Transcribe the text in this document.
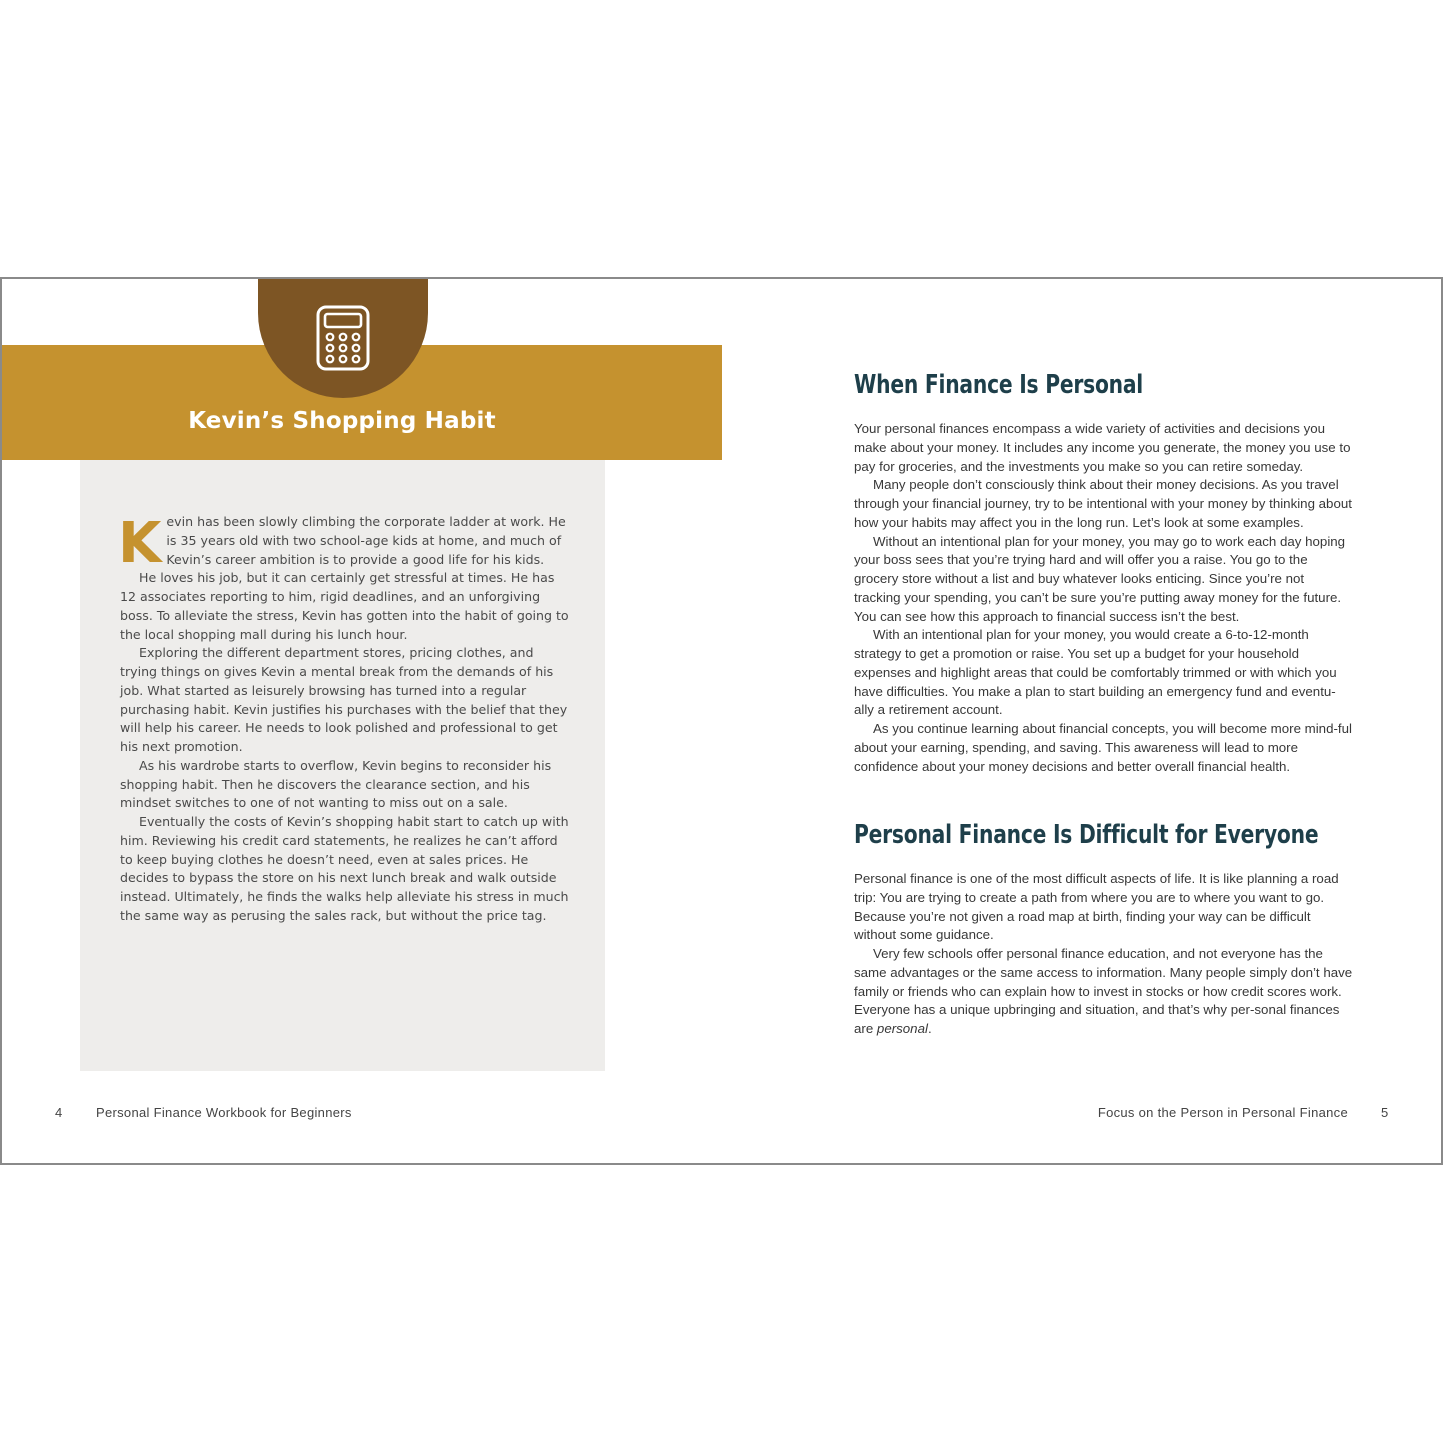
Kevin’s Shopping Habit

Kevin has been slowly climbing the corporate ladder at work. He is 35 years old with two school-age kids at home, and much of Kevin’s career ambition is to provide a good life for his kids.

He loves his job, but it can certainly get stressful at times. He has 12 associates reporting to him, rigid deadlines, and an unforgiving boss. To alleviate the stress, Kevin has gotten into the habit of going to the local shopping mall during his lunch hour.

Exploring the different department stores, pricing clothes, and trying things on gives Kevin a mental break from the demands of his job. What started as leisurely browsing has turned into a regular purchasing habit. Kevin justifies his purchases with the belief that they will help his career. He needs to look polished and professional to get his next promotion.

As his wardrobe starts to overflow, Kevin begins to reconsider his shopping habit. Then he discovers the clearance section, and his mindset switches to one of not wanting to miss out on a sale.

Eventually the costs of Kevin’s shopping habit start to catch up with him. Reviewing his credit card statements, he realizes he can’t afford to keep buying clothes he doesn’t need, even at sales prices. He decides to bypass the store on his next lunch break and walk outside instead. Ultimately, he finds the walks help alleviate his stress in much the same way as perusing the sales rack, but without the price tag.

4	Personal Finance Workbook for Beginners
When Finance Is Personal

Your personal finances encompass a wide variety of activities and decisions you make about your money. It includes any income you generate, the money you use to pay for groceries, and the investments you make so you can retire someday.

Many people don’t consciously think about their money decisions. As you travel through your financial journey, try to be intentional with your money by thinking about how your habits may affect you in the long run. Let’s look at some examples.

Without an intentional plan for your money, you may go to work each day hoping your boss sees that you’re trying hard and will offer you a raise. You go to the grocery store without a list and buy whatever looks enticing. Since you’re not tracking your spending, you can’t be sure you’re putting away money for the future. You can see how this approach to financial success isn’t the best.

With an intentional plan for your money, you would create a 6-to-12-month strategy to get a promotion or raise. You set up a budget for your household expenses and highlight areas that could be comfortably trimmed or with which you have difficulties. You make a plan to start building an emergency fund and eventu-ally a retirement account.

As you continue learning about financial concepts, you will become more mind-ful about your earning, spending, and saving. This awareness will lead to more confidence about your money decisions and better overall financial health.

Personal Finance Is Difficult for Everyone

Personal finance is one of the most difficult aspects of life. It is like planning a road trip: You are trying to create a path from where you are to where you want to go. Because you’re not given a road map at birth, finding your way can be difficult without some guidance.

Very few schools offer personal finance education, and not everyone has the same advantages or the same access to information. Many people simply don’t have family or friends who can explain how to invest in stocks or how credit scores work. Everyone has a unique upbringing and situation, and that’s why per-sonal finances are personal.

Focus on the Person in Personal Finance	5
